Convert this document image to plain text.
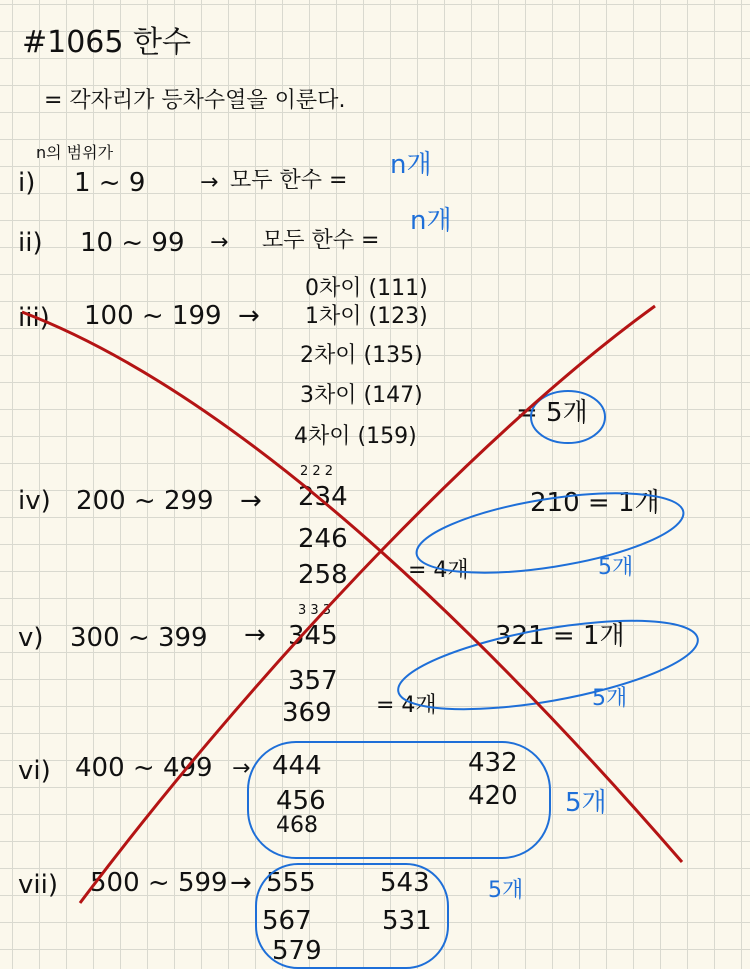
#1065 한수
= 각자리가 등차수열을 이룬다.
n의 범위가
i) 1 ~ 9 → 모두 한수 =
n개
ii) 10 ~ 99 → 모두 한수 =
n개
iii) 100 ~ 199 →
0차이 (111)
1차이 (123)
2차이 (135)
3차이 (147)
4차이 (159)
= 5개
iv) 200 ~ 299 →
2 2 2
234
246
258	= 4개
210 = 1개
5개
v) 300 ~ 399 →
3 3 3
345
357
369 = 4개
321 = 1개
5개
vi) 400 ~ 499 → 444
456
468
432
420 5개
vii) 500 ~ 599 → 555
567
579
543
531
5개
